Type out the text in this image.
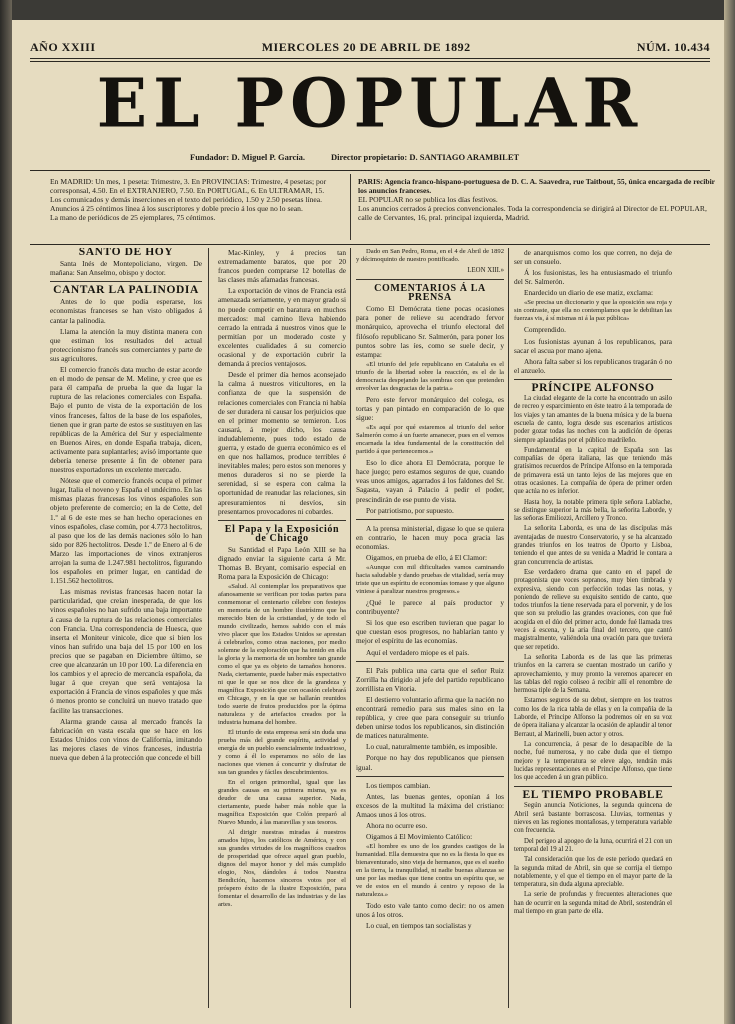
AÑO XXIII	MIERCOLES 20 DE ABRIL DE 1892	NÚM. 10.434
EL POPULAR
Fundador: D. Miguel P. García.	Director propietario: D. SANTIAGO ARAMBILET
En MADRID: Un mes, 1 peseta: Trimestre, 3. En PROVINCIAS: Trimestre, 4 pesetas; por corresponsal, 4.50. En el EXTRANJERO, 7.50. En PORTUGAL, 6. En ULTRAMAR, 15.
Los comunicados y demás inserciones en el texto del periódico, 1.50 y 2.50 pesetas línea. Anuncios á 25 céntimos línea á los suscriptores y doble precio á los que no lo sean.
La mano de periódicos de 25 ejemplares, 75 céntimos.
PARIS: Agencia franco-hispano-portuguesa de D. C. A. Saavedra, rue Taitbout, 55, única encargada de recibir los anuncios franceses.
EL POPULAR no se publica los días festivos.
Los anuncios cerrados á precios convencionales. Toda la correspondencia se dirigirá al Director de EL POPULAR, calle de Cervantes, 16, pral. principal izquierda, Madrid.

SANTO DE HOY

Santa Inés de Montepoliciano, virgen. De mañana: San Anselmo, obispo y doctor.

CANTAR LA PALINODIA

Antes de lo que podía esperarse, los economistas franceses se han visto obligados á cantar la palinodia.

Llama la atención la muy distinta manera con que estiman los resultados del actual proteccionismo francés sus comerciantes y parte de sus agricultores.

El comercio francés data mucho de estar acorde en el modo de pensar de M. Meline, y cree que es para él campaña de prueba la que da lugar la ruptura de las relaciones comerciales con España. Bajo el punto de vista de la exportación de los vinos franceses, faltos de la base de los españoles, tienen que ir gran parte de estos se sustituyen en las repúblicas de la América del Sur y especialmente en Buenos Aires, en donde España trabaja, dicen, activamente para suplantarles; avisó importante que debería tenerse presente á fin de obtener para nuestros exportadores un excelente mercado.

Nótese que el comercio francés ocupa el primer lugar, Italia el noveno y España el undécimo. En las mismas plazas francesas los vinos españoles son objeto preferente de comercio; en la de Cette, del 1.º al 6 de este mes se han hecho operaciones en vinos españoles, clase común, por 4.773 hectolitros, al paso que los de las demás naciones sólo lo han sido por 826 hectolitros. Desde 1.º de Enero al 6 de Marzo las importaciones de vinos extranjeros arrojan la suma de 1.247.981 hectolitros, figurando los españoles en primer lugar, en cantidad de 1.151.562 hectolitros.

Las mismas revistas francesas hacen notar la particularidad, que creían inesperada, de que los vinos españoles no han sufrido una baja importante á causa de la ruptura de las relaciones comerciales con Francia. Una correspondencia de Huesca, que inserta el Moniteur vinicole, dice que si bien los vinos han sufrido una baja del 15 por 100 en los precios que se pagaban en Diciembre último, se cree que alcanzarán un 10 por 100. La diferencia en los cambios y el aprecio de mercancía española, da lugar á que creyan que será ventajosa la exportación á Francia de vinos españoles y que más ó menos pronto se concluirá un nuevo tratado que facilite las transacciones.

Alarma grande causa al mercado francés la fabricación en vasta escala que se hace en los Estados Unidos con vinos de California, imitando las mejores clases de vinos franceses, industria nueva que deben á la protección que concede el bill

Mac-Kinley, y á precios tan extremadamente baratos, que por 20 francos pueden comprarse 12 botellas de las clases más afamadas francesas.

La exportación de vinos de Francia está amenazada seriamente, y en mayor grado si no puede competir en baratura en muchos mercados: mal camino lleva habiendo cerrado la entrada á nuestros vinos que le permitían por un moderado coste y excelentes cualidades á su comercio ocasional y de exportación cubrir la demanda á precios ventajosos.

Desde el primer día hemos aconsejado la calma á nuestros viticultores, en la confianza de que la suspensión de relaciones comerciales con Francia ni había de ser duradera ni causar los perjuicios que en el primer momento se temieron. Los causará, á mejor dicho, los causa indudablemente, pues todo estado de guerra, y estado de guerra económico es el en que nos hallamos, produce terribles é inevitables males; pero estos son menores y menos duraderos si no se pierde la serenidad, si se espera con calma la oportunidad de reanudar las relaciones, sin apresuramientos ni desvíos, sin presentarnos provocadores ni cobardes.

El Papa y la Exposición de Chicago

Su Santidad el Papa León XIII se ha dignado enviar la siguiente carta á Mr. Thomas B. Bryant, comisario especial en Roma para la Exposición de Chicago:

«Salud. Al contemplar los preparativos que afanosamente se verifican por todas partes para conmemorar el centenario célebre con festejos en memoria de un hombre ilustrísimo que ha merecido bien de la cristiandad, y de todo el mundo civilizado, hemos sabido con el más vivo placer que los Estados Unidos se aprestan á celebrarlos, como otras naciones, por medio solemne de la exploración que ha tenido en ella la gloria y la memoria de un hombre tan grande como el que ya es objeto de tamaños honores. Nada, ciertamente, puede haber más expectativo ni que le que se nos dice de la grandeza y magnífica Exposición que con ocasión celebrará en Chicago, y en la que se hallarán reunidos todo suerte de frutos producidos por la ópima naturaleza y de artefactos creados por la industria humana del hombre.

El triunfo de esta empresa será sin duda una prueba más del grande espíritu, actividad y energía de un pueblo esencialmente industrioso, y como á él lo esperamos no sólo de las naciones que vienen á concurrir y disfrutar de sus tan grandes y fáciles descubrimientos.

En el origen primordial, igual que las grandes causas en su primera misma, ya es deudor de una causa superior. Nada, ciertamente, puede haber más noble que la magnífica Exposición que Colón preparó al Nuevo Mundo, á las maravillas y sus tesoros.

Al dirigir nuestras miradas á nuestros amados hijos, los católicos de América, y con sus grandes virtudes de los magníficos cuadros de prosperidad que ofrece aquel gran pueblo, dignos del mayor honor y del más cumplido elogio, Nos, dándoles á todos Nuestra Bendición, hacemos sinceros votos por el próspero éxito de la ilustre Exposición, para fomentar el desarrollo de las industrias y de las artes.

Dado en San Pedro, Roma, en el 4 de Abril de 1892 y décimoquinto de nuestro pontificado.

LEON XIII.»

COMENTARIOS Á LA PRENSA

Como El Demócrata tiene pocas ocasiones para poner de relieve su acendrado fervor monárquico, aprovecha el triunfo electoral del filósofo republicano Sr. Salmerón, para poner los puntos sobre las íes, como se suele decir, y estampa:

«El triunfo del jefe republicano en Cataluña es el triunfo de la libertad sobre la reacción, es el de la democracia despejando las sombras con que pretenden envolver las desgracias de la patria.»

Pero este fervor monárquico del colega, es tortas y pan pintado en comparación de lo que sigue:

«Es aquí por qué estaremos al triunfo del señor Salmerón como á un fuerte amanecer, pues en el vemos encarnada la idea fundamental de la constitución del partido á que pertenecemos.»

Eso lo dice ahora El Demócrata, porque le hace juego; pero estamos seguros de que, cuando veas unos amigos, agarrados á los faldones del Sr. Sagasta, vayan á Palacio á pedir el poder, prescindirán de ese punto de vista.

Por patriotismo, por supuesto.

A la prensa ministerial, digase lo que se quiera en contrario, le hacen muy poca gracia las economías.

Oigamos, en prueba de ello, á El Clamor:

«Aunque con mil dificultades vamos caminando hacia saludable y dando pruebas de vitalidad, sería muy triste que un espíritu de economías tomase y que alguno viniese á paralizar nuestros progresos.»

¿Qué le parece al país productor y contribuyente?

Si los que eso escriben tuvieran que pagar lo que cuestan esos progresos, no hablarían tanto y mejor el espíritu de las economías.

Aquí el verdadero miope es el país.

El País publica una carta que el señor Ruiz Zorrilla ha dirigido al jefe del partido republicano zorrillista en Vitoria.

El destierro voluntario afirma que la nación no encontrará remedio para sus males sino en la república, y cree que para conseguir su triunfo deben unirse todos los republicanos, sin distinción de matices naturalmente.

Lo cual, naturalmente también, es imposible.

Porque no hay dos republicanos que piensen igual.

Los tiempos cambian.

Antes, las buenas gentes, oponían á los excesos de la multitud la máxima del cristiano: Amaos unos á los otros.

Ahora no ocurre eso.

Oigamos á El Movimiento Católico:

«El hombre es uno de los grandes castigos de la humanidad. Ella demuestra que no es la fiesta lo que es bienaventurado, sino vieja de hermanos, que es el sueño en la tierra, la tranquilidad, ni nadie buenas alianzas se une por las medias que tiene contra un espíritu que, se ve de estos en el mundo á centro y reposo de la naturaleza.»

Todo esto vale tanto como decir: no os amen unos á los otros.

Lo cual, en tiempos tan socialistas y

de anarquismos como los que corren, no deja de ser un consuelo.

Á los fusionistas, les ha entusiasmado el triunfo del Sr. Salmerón.

Enardecido un diario de ese matiz, exclama:

«Se precisa un diccionario y que la oposición sea roja y sin contraste, que ella no contemplamos que le debilitan las fuerzas vis, á sí mismas ni á la paz pública»

Comprendido.

Los fusionistas ayunan á los republicanos, para sacar el ascua por mano ajena.

Ahora falta saber si los republicanos tragarán ó no el anzuelo.

PRÍNCIPE ALFONSO

La ciudad elegante de la corte ha encontrado un asilo de recreo y esparcimiento en éste teatro á la temporada de los viajes y tan amantes de la buena música y de la buena escuela de canto, logra desde sus escenarios artísticos poder gozar todas las noches con la audición de óperas siempre aplaudidas por el público madrileño.

Fundamental en la capital de España son las compañías de ópera italiana, las que teniendo más gratísimos recuerdos de Príncipe Alfonso en la temporada de primavera está un tanto lejos de las mejores que en otras ocasiones. La compañía de ópera de primer orden que actúa no es inferior.

Hasta hoy, la notable primera tiple señora Lablache, se distingue superior la más bella, la señorita Laborde, y las señoras Emiliozzi, Arcillero y Tronco.

La señorita Laborda, es una de las discípulas más aventajadas de nuestro Conservatorio, y se ha alcanzado grandes triunfos en los teatros de Oporto y Lisboa, teniendo el que antes de su venida a Madrid le contara a gran concurrencia de artistas.

Ese verdadero drama que canto en el papel de protagonista que voces sopranos, muy bien timbrada y expresiva, siendo con perfección todas las notas, y poniendo de relieve su exquisito sentido de canto, que todos triunfos la tiene reservada para el porvenir, y de los que son su preludio las grandes ovaciones, con que fué acogida en el dúo del primer acto, donde fué llamada tres veces á escena, y la aria final del tercero, que cantó magistralmente, valiéndola una ovación para que tuviera que ser repetido.

La señorita Laborda es de las que las primeras triunfos en la carrera se cuentan mostrado un cariño y aprovechamiento, y muy pronto la veremos aparecer en las tablas del regio coliseo á recibir allí el renombre de hermosa tiple de la Semana.

Estamos seguros de su debut, siempre en los teatros como los de la rica tabla de ellas y en la compañía de la Laborde, el Príncipe Alfonso la podremos oír en su voz de ópera italiana y alcanzar la ocasión de aplaudir al tenor Berraut, al Marinelli, buen actor y otros.

La concurrencia, á pesar de lo desapacible de la noche, fué numerosa, y no cabe duda que el tiempo mejore y la temperatura se eleve algo, tendrán más lucidas representaciones en el Principe Alfonso, que tiene los que acceden á un gran público.

EL TIEMPO PROBABLE

Según anuncia Noticiones, la segunda quincena de Abril será bastante borrascosa. Lluvias, tormentas y nieves en las regiones montañosas, y temperatura variable con frecuencia.

Del perigeo al apogeo de la luna, ocurrirá el 21 con un temporal del 19 al 21.

Tal consideración que los de este período quedará en la segunda mitad de Abril, sin que se corrija el tiempo notablemente, y el que el tiempo en el mayor parte de la temperatura, sin duda alguna apreciable.

La serie de profundas y frecuentes alteraciones que han de ocurrir en la segunda mitad de Abril, sostendrán el mal tiempo en gran parte de ella.
